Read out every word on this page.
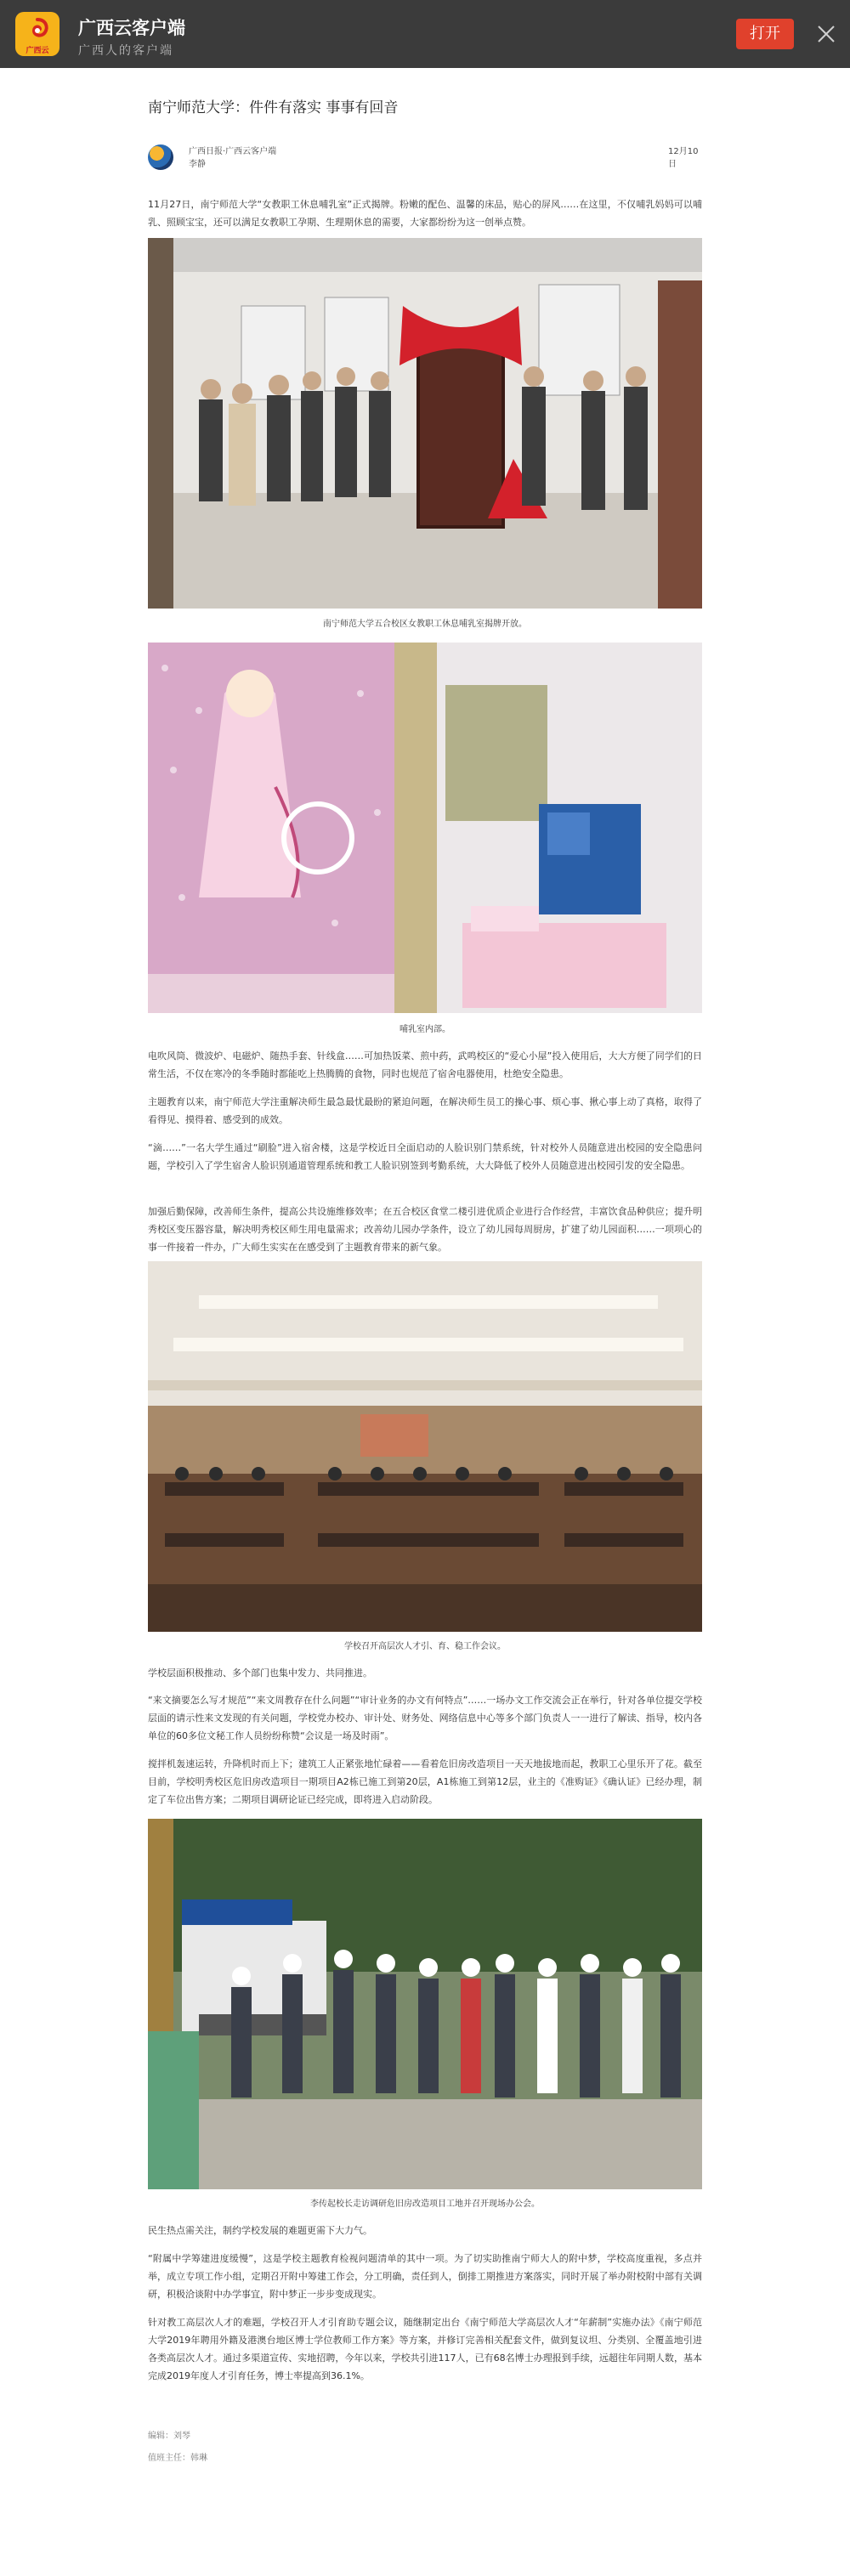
广西云
广西云客户端
广西人的客户端
打开
南宁师范大学：件件有落实 事事有回音
广西日报·广西云客户端
李静
12月10日

11月27日，南宁师范大学“女教职工休息哺乳室”正式揭牌。粉嫩的配色、温馨的床品，贴心的屏风……在这里，不仅哺乳妈妈可以哺乳、照顾宝宝，还可以满足女教职工孕期、生理期休息的需要，大家都纷纷为这一创举点赞。

南宁师范大学五合校区女教职工休息哺乳室揭牌开放。
哺乳室内部。

电吹风筒、微波炉、电磁炉、随热手套、针线盒……可加热饭菜、煎中药，武鸣校区的“爱心小屋”投入使用后，大大方便了同学们的日常生活，不仅在寒冷的冬季随时都能吃上热腾腾的食物，同时也规范了宿舍电器使用，杜绝安全隐患。

主题教育以来，南宁师范大学注重解决师生最急最忧最盼的紧迫问题，在解决师生员工的操心事、烦心事、揪心事上动了真格，取得了看得见、摸得着、感受到的成效。

“滴……”一名大学生通过“刷脸”进入宿舍楼，这是学校近日全面启动的人脸识别门禁系统，针对校外人员随意进出校园的安全隐患问题，学校引入了学生宿舍人脸识别通道管理系统和教工人脸识别签到考勤系统，大大降低了校外人员随意进出校园引发的安全隐患。

加强后勤保障，改善师生条件，提高公共设施维修效率；在五合校区食堂二楼引进优质企业进行合作经营，丰富饮食品种供应；提升明秀校区变压器容量，解决明秀校区师生用电量需求；改善幼儿园办学条件，设立了幼儿园每周厨房，扩建了幼儿园面积……一项项心的事一件接着一件办，广大师生实实在在感受到了主题教育带来的新气象。

学校召开高层次人才引、育、稳工作会议。

学校层面积极推动、多个部门也集中发力、共同推进。

“来文摘要怎么写才规范”“来文周教存在什么问题”“审计业务的办文有何特点”……一场办文工作交流会正在举行，针对各单位提交学校层面的请示性来文发现的有关问题，学校党办校办、审计处、财务处、网络信息中心等多个部门负责人一一进行了解读、指导，校内各单位的60多位文秘工作人员纷纷称赞“会议是一场及时雨”。

搅拌机轰速运转，升降机时而上下；建筑工人正紧张地忙碌着——看着危旧房改造项目一天天地拔地而起，教职工心里乐开了花。截至目前，学校明秀校区危旧房改造项目一期项目A2栋已施工到第20层，A1栋施工到第12层，业主的《准购证》《确认证》已经办理，制定了车位出售方案；二期项目调研论证已经完成，即将进入启动阶段。

李传起校长走访调研危旧房改造项目工地并召开现场办公会。

民生热点需关注，制约学校发展的难题更需下大力气。

“附属中学筹建进度缓慢”，这是学校主题教育检视问题清单的其中一项。为了切实助推南宁师大人的附中梦，学校高度重视，多点并举，成立专项工作小组，定期召开附中筹建工作会，分工明确，责任到人，倒排工期推进方案落实，同时开展了举办附校附中部有关调研，积极洽谈附中办学事宜，附中梦正一步步变成现实。

针对教工高层次人才的难题，学校召开人才引育助专题会议，随继制定出台《南宁师范大学高层次人才“年薪制”实施办法》《南宁师范大学2019年聘用外籍及港澳台地区博士学位教师工作方案》等方案，并修订完善相关配套文件，做到复议坦、分类别、全覆盖地引进各类高层次人才。通过多渠道宣传、实地招聘，今年以来，学校共引进117人，已有68名博士办理报到手续，远超往年同期人数，基本完成2019年度人才引育任务，博士率提高到36.1%。

编辑：刘琴
值班主任：韩琳
